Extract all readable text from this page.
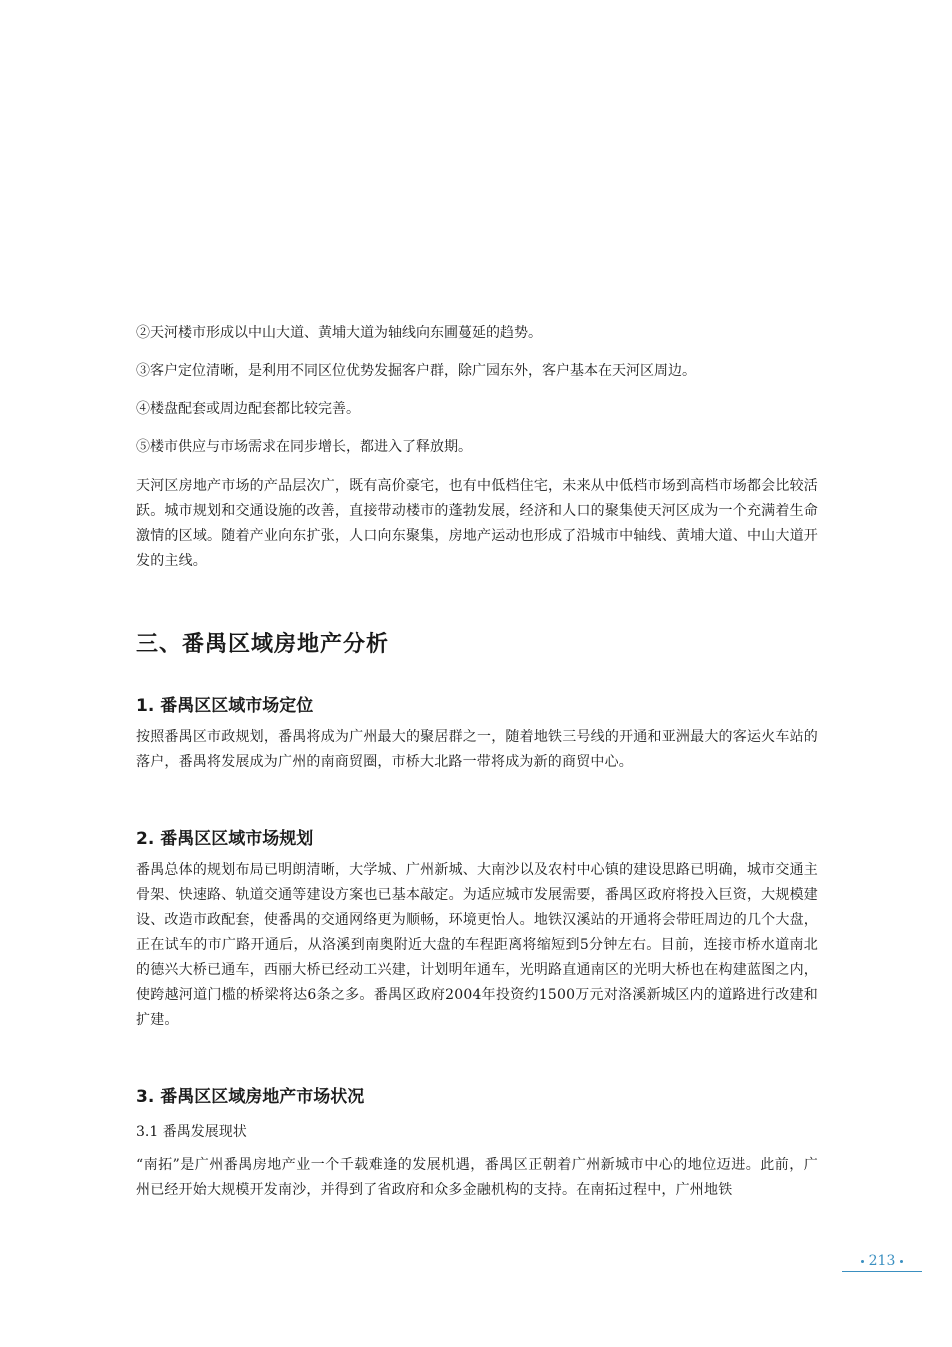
②天河楼市形成以中山大道、黄埔大道为轴线向东圃蔓延的趋势。

③客户定位清晰，是利用不同区位优势发掘客户群，除广园东外，客户基本在天河区周边。

④楼盘配套或周边配套都比较完善。

⑤楼市供应与市场需求在同步增长，都进入了释放期。

天河区房地产市场的产品层次广，既有高价豪宅，也有中低档住宅，未来从中低档市场到高档市场都会比较活跃。城市规划和交通设施的改善，直接带动楼市的蓬勃发展，经济和人口的聚集使天河区成为一个充满着生命激情的区域。随着产业向东扩张，人口向东聚集，房地产运动也形成了沿城市中轴线、黄埔大道、中山大道开发的主线。

三、番禺区域房地产分析
1. 番禺区区域市场定位

按照番禺区市政规划，番禺将成为广州最大的聚居群之一，随着地铁三号线的开通和亚洲最大的客运火车站的落户，番禺将发展成为广州的南商贸圈，市桥大北路一带将成为新的商贸中心。

2. 番禺区区域市场规划

番禺总体的规划布局已明朗清晰，大学城、广州新城、大南沙以及农村中心镇的建设思路已明确，城市交通主骨架、快速路、轨道交通等建设方案也已基本敲定。为适应城市发展需要，番禺区政府将投入巨资，大规模建设、改造市政配套，使番禺的交通网络更为顺畅，环境更怡人。地铁汉溪站的开通将会带旺周边的几个大盘，正在试车的市广路开通后，从洛溪到南奥附近大盘的车程距离将缩短到5分钟左右。目前，连接市桥水道南北的德兴大桥已通车，西丽大桥已经动工兴建，计划明年通车，光明路直通南区的光明大桥也在构建蓝图之内，使跨越河道门槛的桥梁将达6条之多。番禺区政府2004年投资约1500万元对洛溪新城区内的道路进行改建和扩建。

3. 番禺区区域房地产市场状况

3.1 番禺发展现状

“南拓”是广州番禺房地产业一个千载难逢的发展机遇，番禺区正朝着广州新城市中心的地位迈进。此前，广州已经开始大规模开发南沙，并得到了省政府和众多金融机构的支持。在南拓过程中，广州地铁

213
